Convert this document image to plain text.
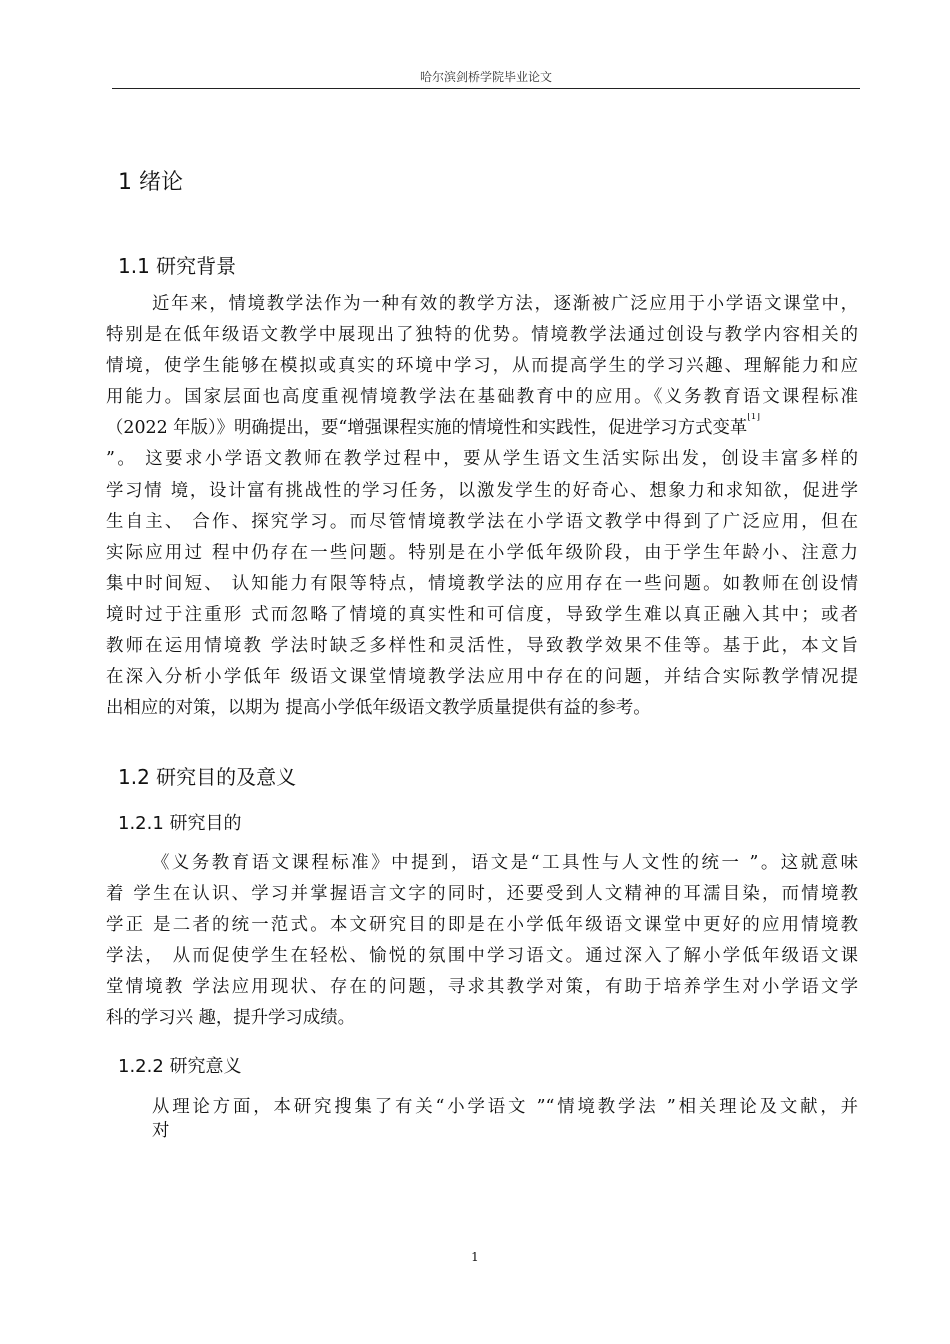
哈尔滨剑桥学院毕业论文
1 绪论
1.1 研究背景
近年来，情境教学法作为一种有效的教学方法，逐渐被广泛应用于小学语文课堂中，
特别是在低年级语文教学中展现出了独特的优势。情境教学法通过创设与教学内容相关的
情境，使学生能够在模拟或真实的环境中学习，从而提高学生的学习兴趣、理解能力和应
用能力。国家层面也高度重视情境教学法在基础教育中的应用。《义务教育语文课程标准
（2022 年版）》明确提出，要“增强课程实施的情境性和实践性，促进学习方式变革[1]
”。 这要求小学语文教师在教学过程中，要从学生语文生活实际出发，创设丰富多样的
学习情 境，设计富有挑战性的学习任务，以激发学生的好奇心、想象力和求知欲，促进学
生自主、 合作、探究学习。而尽管情境教学法在小学语文教学中得到了广泛应用，但在
实际应用过 程中仍存在一些问题。特别是在小学低年级阶段，由于学生年龄小、注意力
集中时间短、 认知能力有限等特点，情境教学法的应用存在一些问题。如教师在创设情
境时过于注重形 式而忽略了情境的真实性和可信度，导致学生难以真正融入其中；或者
教师在运用情境教 学法时缺乏多样性和灵活性，导致教学效果不佳等。基于此，本文旨
在深入分析小学低年 级语文课堂情境教学法应用中存在的问题，并结合实际教学情况提
出相应的对策，以期为 提高小学低年级语文教学质量提供有益的参考。
1.2 研究目的及意义
1.2.1 研究目的
《义务教育语文课程标准》中提到，语文是“工具性与人文性的统一 ”。这就意味
着 学生在认识、学习并掌握语言文字的同时，还要受到人文精神的耳濡目染，而情境教
学正 是二者的统一范式。本文研究目的即是在小学低年级语文课堂中更好的应用情境教
学法， 从而促使学生在轻松、愉悦的氛围中学习语文。通过深入了解小学低年级语文课
堂情境教 学法应用现状、存在的问题，寻求其教学对策，有助于培养学生对小学语文学
科的学习兴 趣，提升学习成绩。
1.2.2 研究意义
从理论方面，本研究搜集了有关“小学语文 ”“情境教学法 ”相关理论及文献，并
对
1
